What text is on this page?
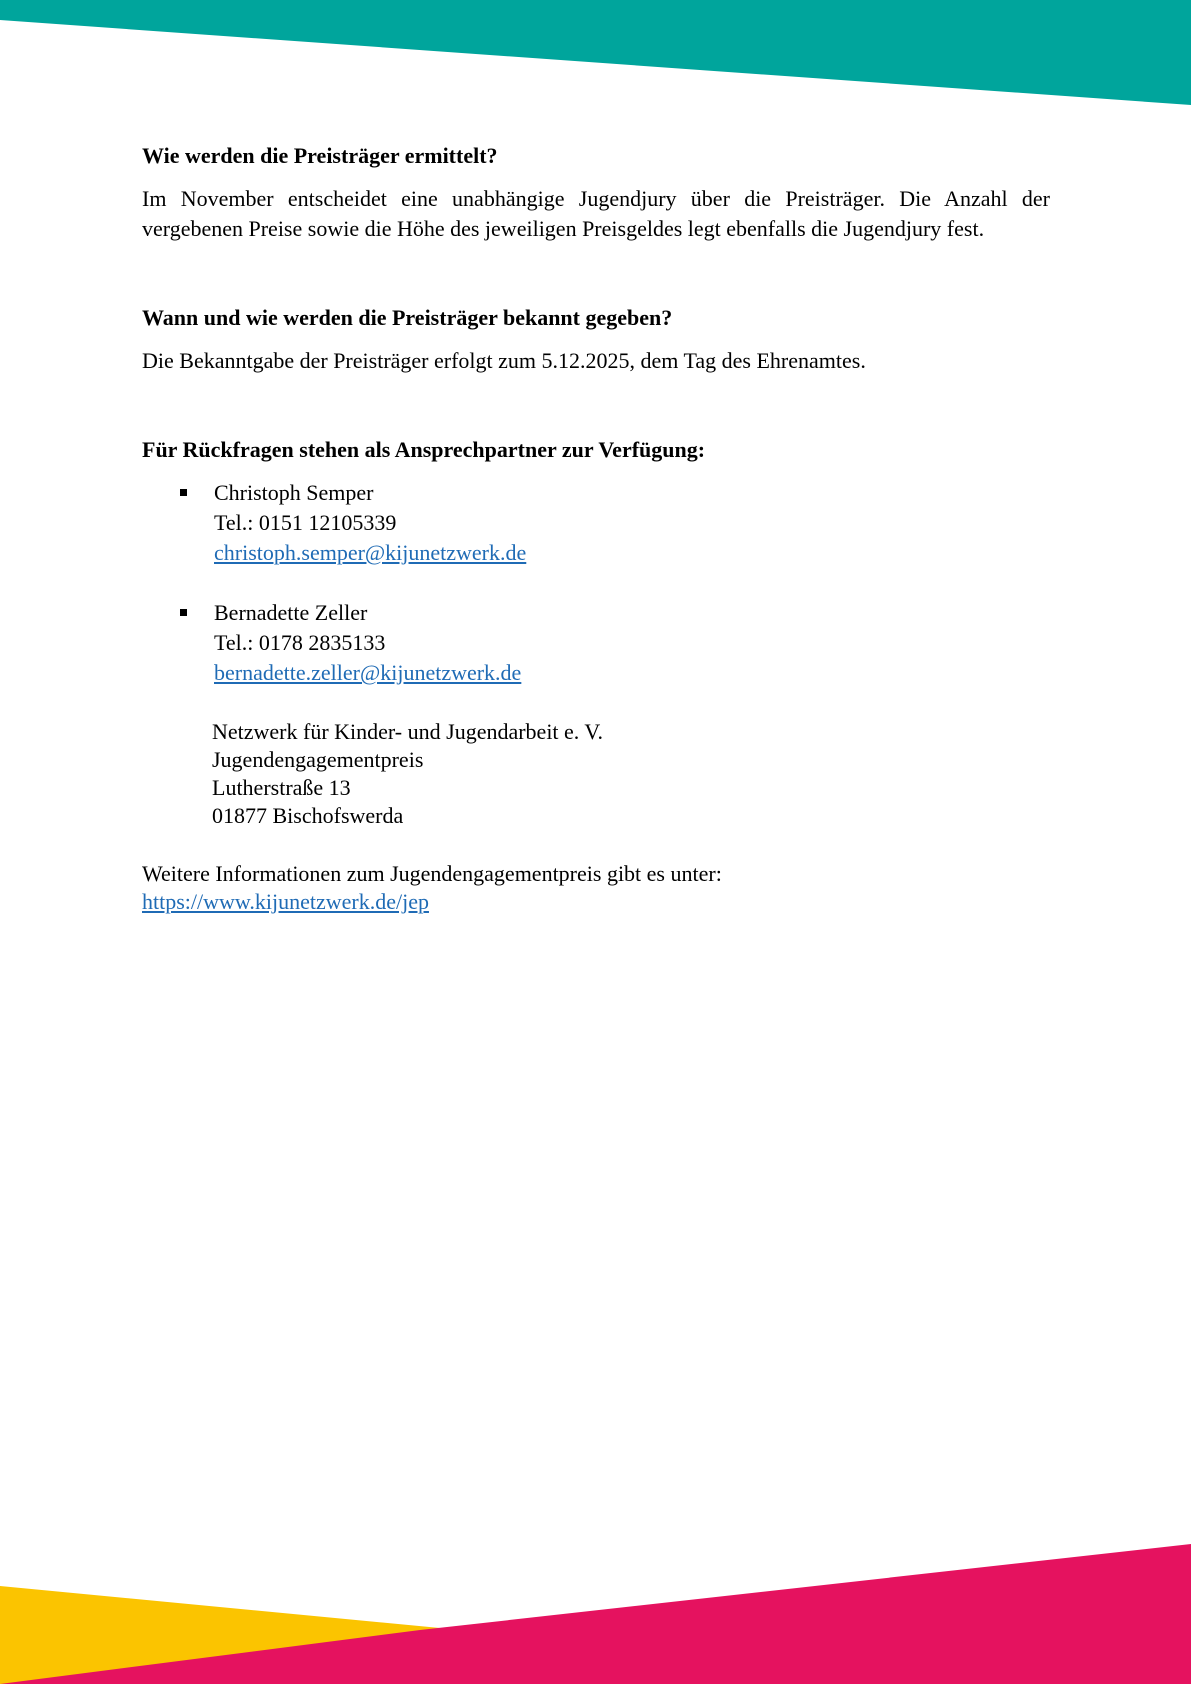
Wie werden die Preisträger ermittelt?

Im November entscheidet eine unabhängige Jugendjury über die Preisträger. Die Anzahl der vergebenen Preise sowie die Höhe des jeweiligen Preisgeldes legt ebenfalls die Jugendjury fest.

Wann und wie werden die Preisträger bekannt gegeben?

Die Bekanntgabe der Preisträger erfolgt zum 5.12.2025, dem Tag des Ehrenamtes.

Für Rückfragen stehen als Ansprechpartner zur Verfügung:
Christoph Semper
Tel.: 0151 12105339
christoph.semper@kijunetzwerk.de
Bernadette Zeller
Tel.: 0178 2835133
bernadette.zeller@kijunetzwerk.de
Netzwerk für Kinder- und Jugendarbeit e. V.
Jugendengagementpreis
Lutherstraße 13
01877 Bischofswerda
Weitere Informationen zum Jugendengagementpreis gibt es unter:
https://www.kijunetzwerk.de/jep
